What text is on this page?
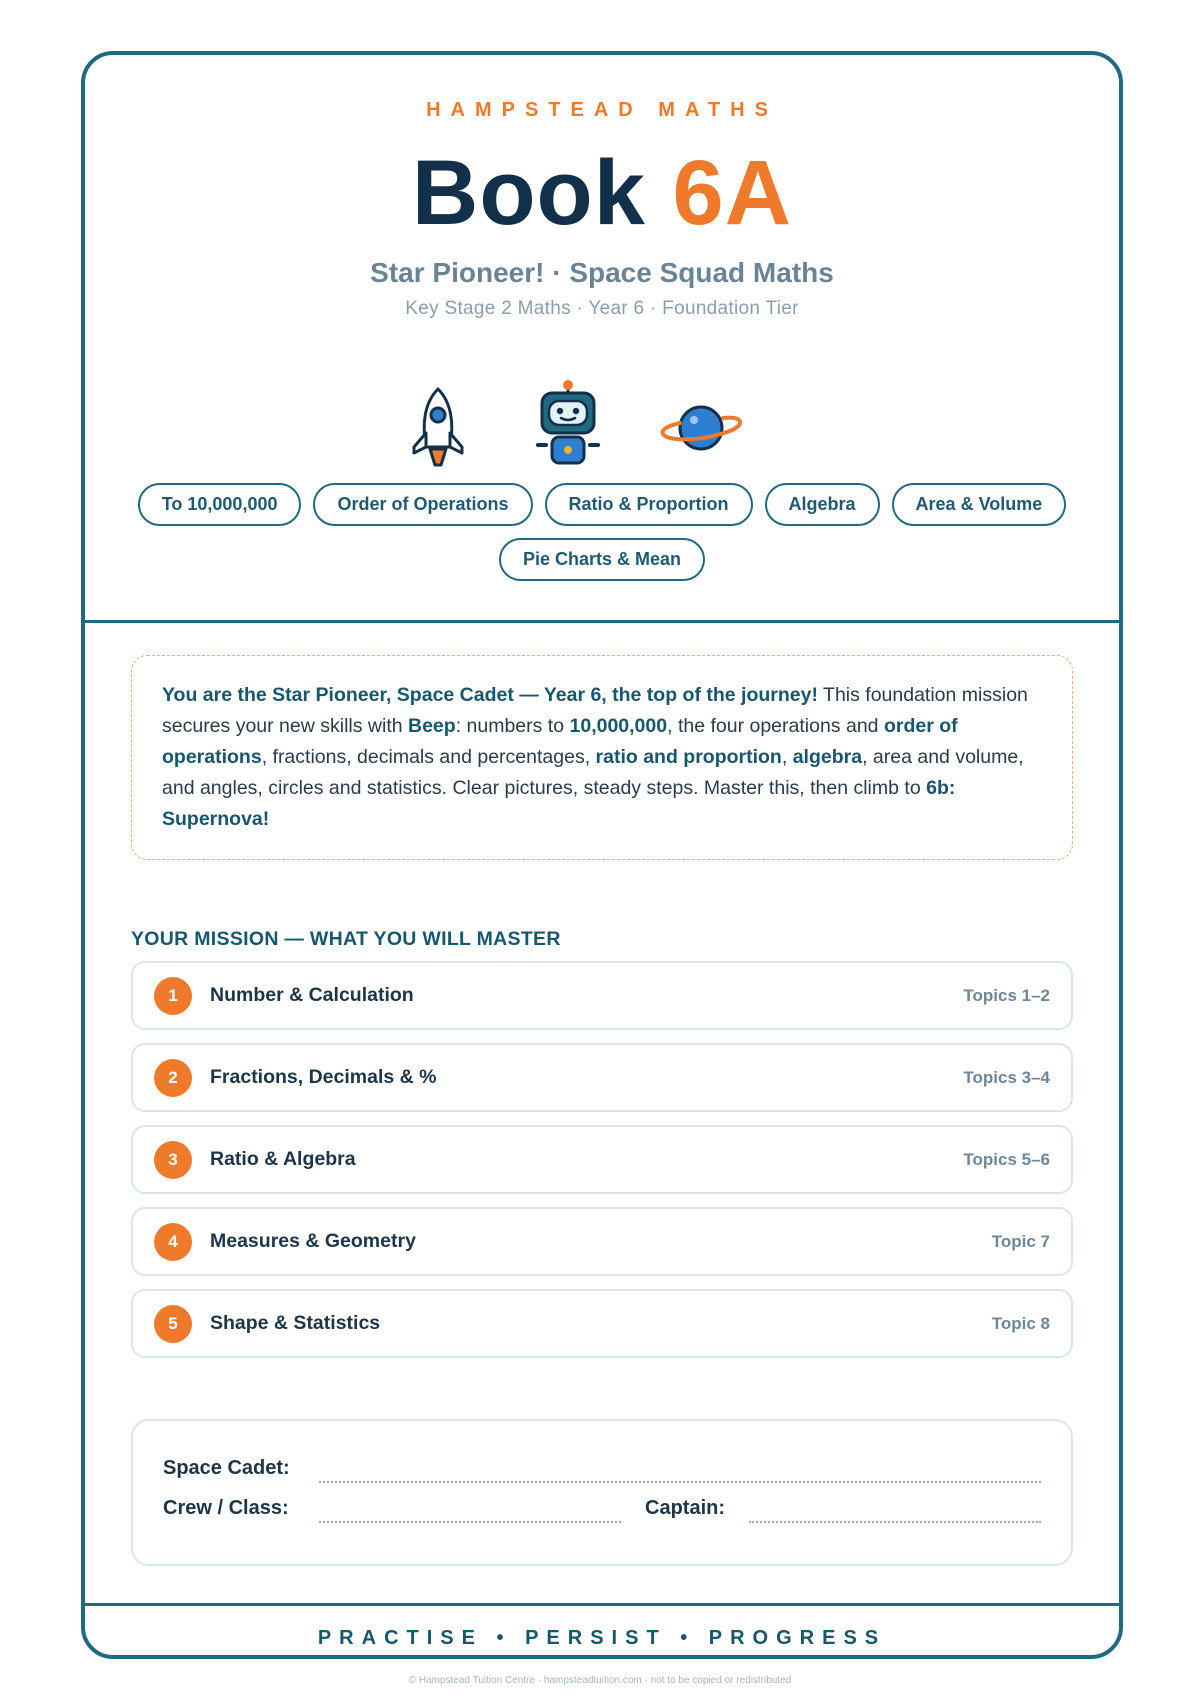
HAMPSTEAD MATHS
Book 6A
Star Pioneer! · Space Squad Maths
Key Stage 2 Maths · Year 6 · Foundation Tier
To 10,000,000	Order of Operations	Ratio & Proportion	Algebra	Area & Volume
Pie Charts & Mean
You are the Star Pioneer, Space Cadet — Year 6, the top of the journey! This foundation mission secures your new skills with Beep: numbers to 10,000,000, the four operations and order of operations, fractions, decimals and percentages, ratio and proportion, algebra, area and volume, and angles, circles and statistics. Clear pictures, steady steps. Master this, then climb to 6b: Supernova!
YOUR MISSION — WHAT YOU WILL MASTER
1	Number & Calculation	Topics 1–2
2	Fractions, Decimals & %	Topics 3–4
3	Ratio & Algebra	Topics 5–6
4	Measures & Geometry	Topic 7
5	Shape & Statistics	Topic 8
Space Cadet:
Crew / Class:	Captain:
PRACTISE • PERSIST • PROGRESS
© Hampstead Tuition Centre · hampsteadtuition.com · not to be copied or redistributed
